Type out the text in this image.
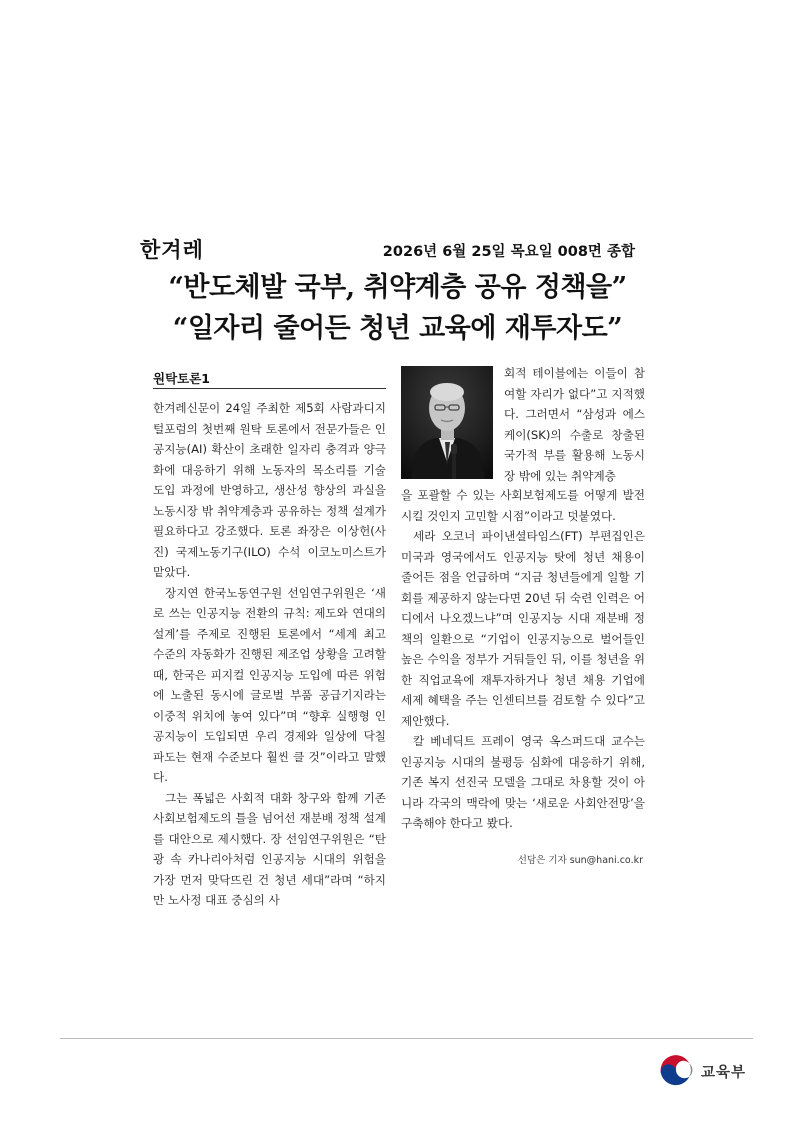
한겨레	2026년 6월 25일 목요일 008면 종합
“반도체발 국부, 취약계층 공유 정책을”
“일자리 줄어든 청년 교육에 재투자도”
원탁토론1

한겨레신문이 24일 주최한 제5회 사람과디지털포럼의 첫번째 원탁 토론에서 전문가들은 인공지능(AI) 확산이 초래한 일자리 충격과 양극화에 대응하기 위해 노동자의 목소리를 기술 도입 과정에 반영하고, 생산성 향상의 과실을 노동시장 밖 취약계층과 공유하는 정책 설계가 필요하다고 강조했다. 토론 좌장은 이상헌(사진) 국제노동기구(ILO) 수석 이코노미스트가 맡았다.

장지연 한국노동연구원 선임연구위원은 ‘새로 쓰는 인공지능 전환의 규칙: 제도와 연대의 설계’를 주제로 진행된 토론에서 “세계 최고 수준의 자동화가 진행된 제조업 상황을 고려할 때, 한국은 피지컬 인공지능 도입에 따른 위험에 노출된 동시에 글로벌 부품 공급기지라는 이중적 위치에 놓여 있다”며 “향후 실행형 인공지능이 도입되면 우리 경제와 일상에 닥칠 파도는 현재 수준보다 훨씬 클 것”이라고 말했다.

그는 폭넓은 사회적 대화 창구와 함께 기존 사회보험제도의 틀을 넘어선 재분배 정책 설계를 대안으로 제시했다. 장 선임연구위원은 “탄광 속 카나리아처럼 인공지능 시대의 위험을 가장 먼저 맞닥뜨린 건 청년 세대”라며 “하지만 노사정 대표 중심의 사

회적 테이블에는 이들이 참여할 자리가 없다”고 지적했다. 그러면서 “삼성과 에스케이(SK)의 수출로 창출된 국가적 부를 활용해 노동시장 밖에 있는 취약계층

을 포괄할 수 있는 사회보험제도를 어떻게 발전시킬 것인지 고민할 시점”이라고 덧붙였다.

세라 오코너 파이낸셜타임스(FT) 부편집인은 미국과 영국에서도 인공지능 탓에 청년 채용이 줄어든 점을 언급하며 “지금 청년들에게 일할 기회를 제공하지 않는다면 20년 뒤 숙련 인력은 어디에서 나오겠느냐”며 인공지능 시대 재분배 정책의 일환으로 “기업이 인공지능으로 벌어들인 높은 수익을 정부가 거둬들인 뒤, 이를 청년을 위한 직업교육에 재투자하거나 청년 채용 기업에 세제 혜택을 주는 인센티브를 검토할 수 있다”고 제안했다.

칼 베네딕트 프레이 영국 옥스퍼드대 교수는 인공지능 시대의 불평등 심화에 대응하기 위해, 기존 복지 선진국 모델을 그대로 차용할 것이 아니라 각국의 맥락에 맞는 ‘새로운 사회안전망’을 구축해야 한다고 봤다.

선담은 기자 sun@hani.co.kr
교육부
